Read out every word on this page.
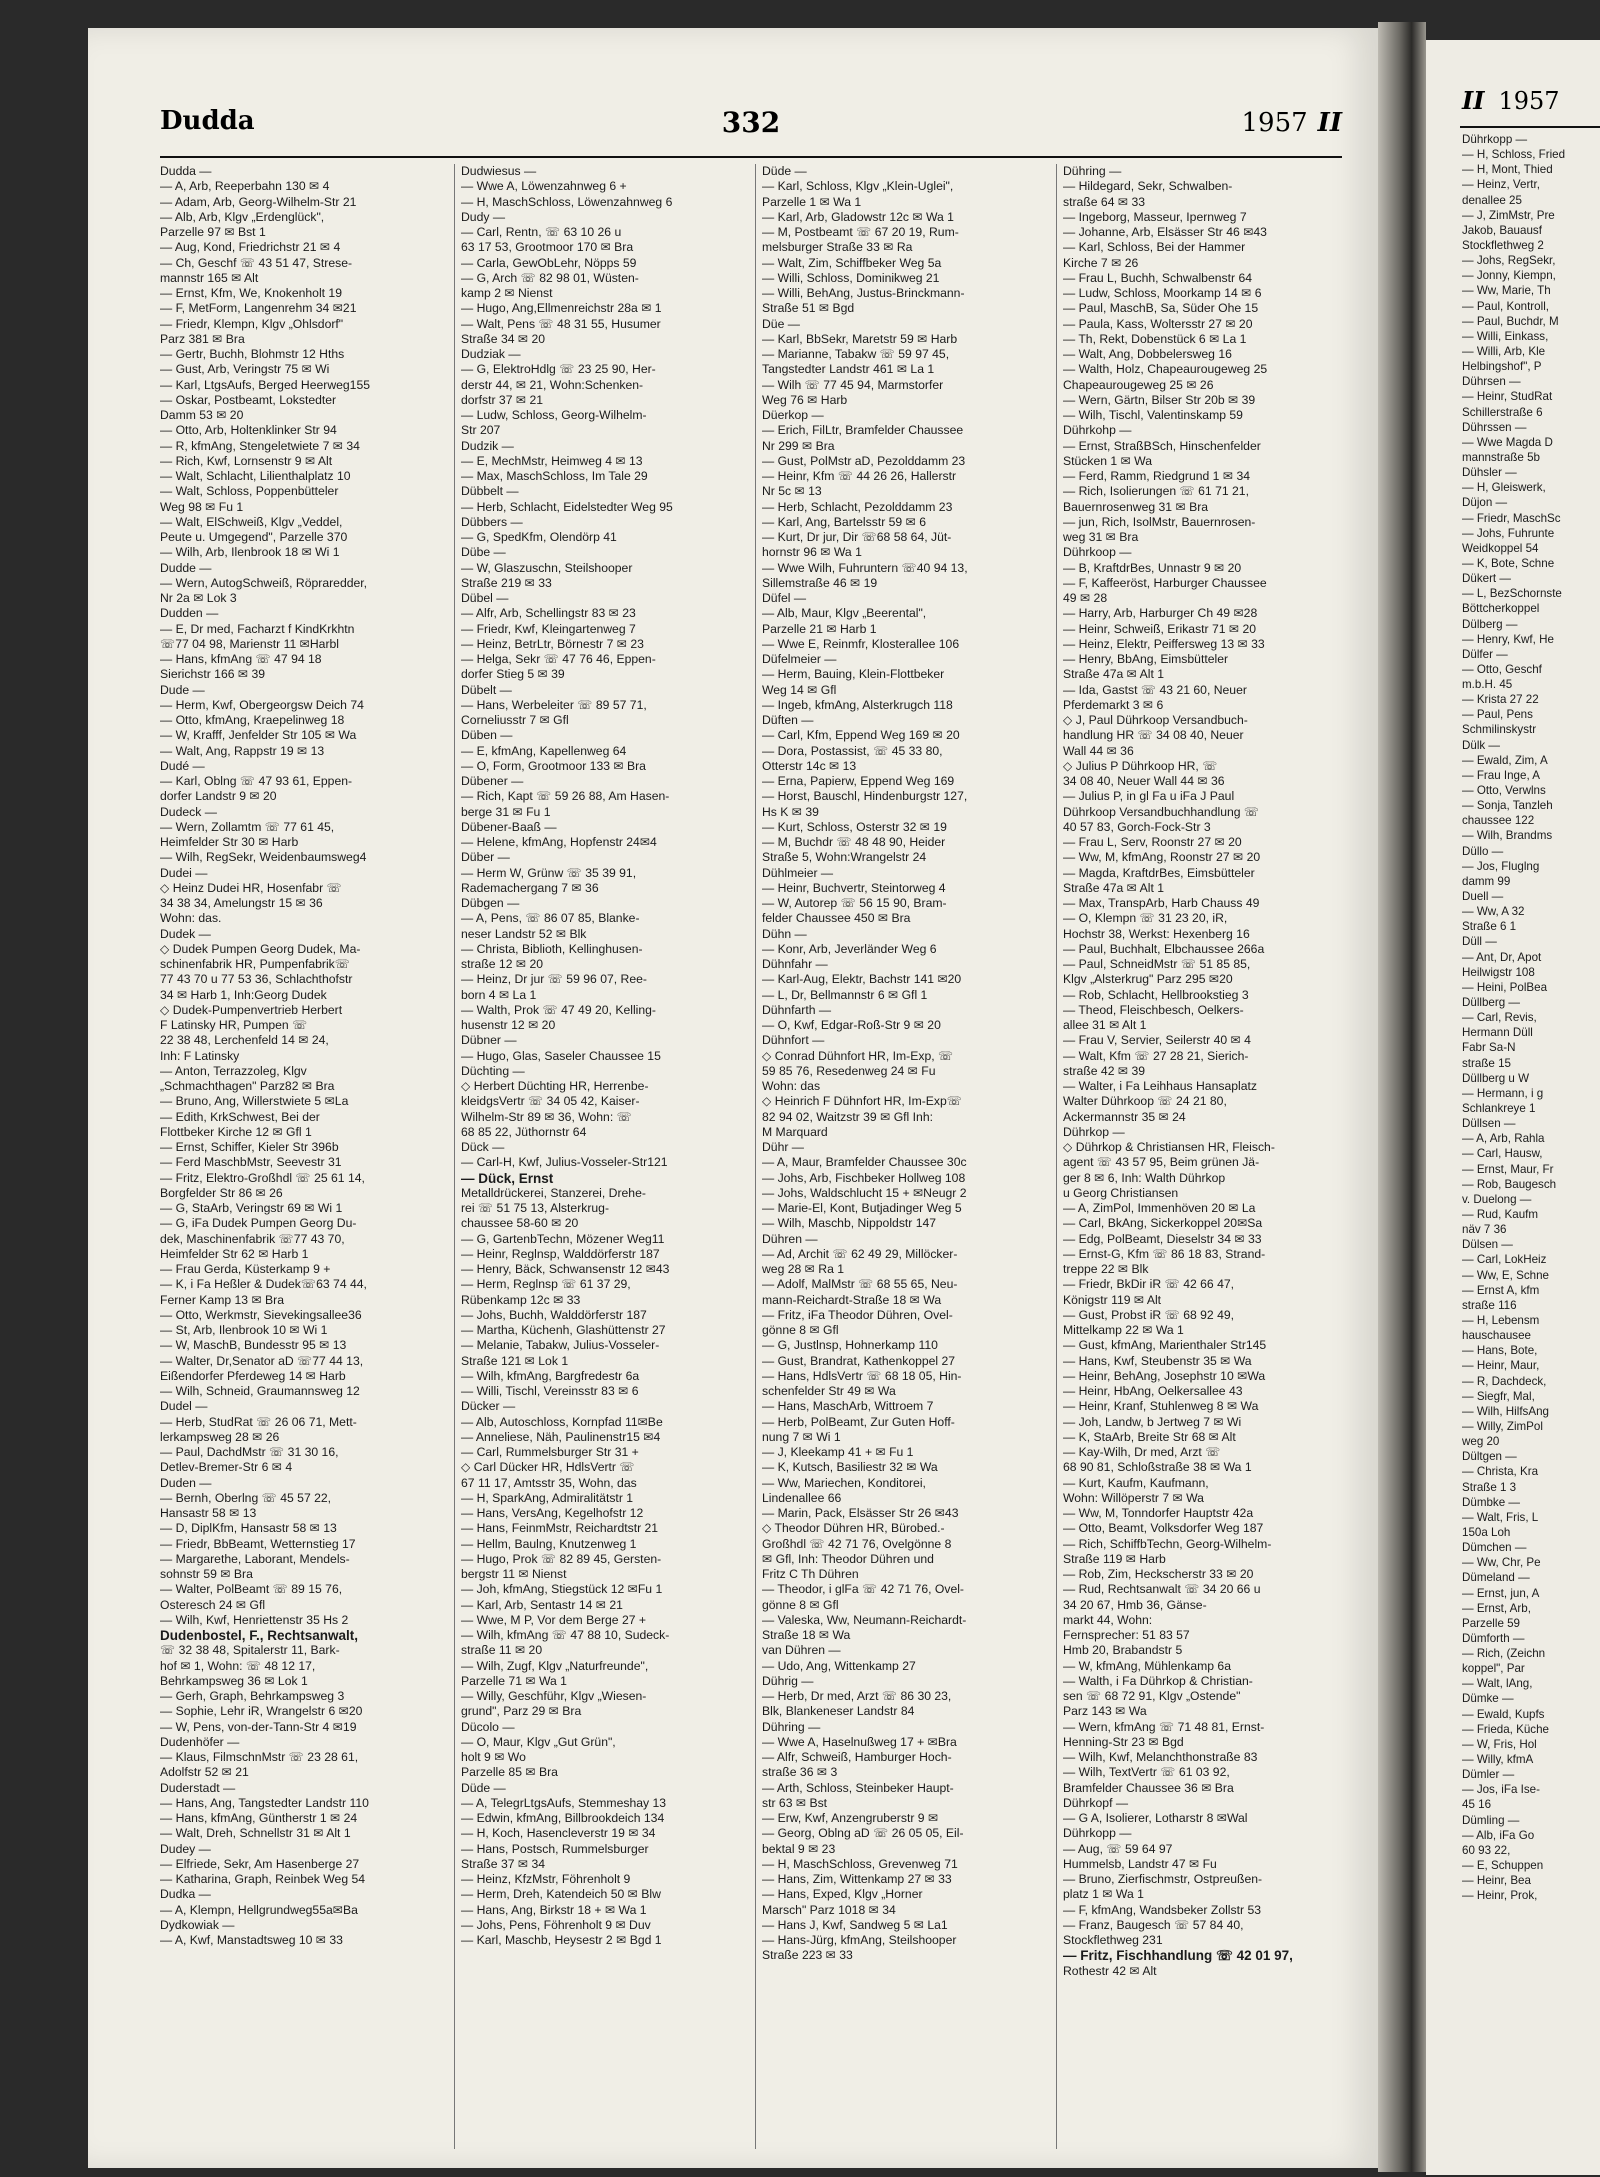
Dudda	332	1957 II
Dudda —
— A, Arb, Reeperbahn 130 ✉ 4
— Adam, Arb, Georg-Wilhelm-Str 21
— Alb, Arb, Klgv „Erdenglück",
Parzelle 97 ✉ Bst 1
— Aug, Kond, Friedrichstr 21 ✉ 4
— Ch, Geschf ☏ 43 51 47, Strese-
mannstr 165 ✉ Alt
— Ernst, Kfm, We, Knokenholt 19
— F, MetForm, Langenrehm 34 ✉21
— Friedr, Klempn, Klgv „Ohlsdorf"
Parz 381 ✉ Bra
— Gertr, Buchh, Blohmstr 12 Hths
— Gust, Arb, Veringstr 75 ✉ Wi
— Karl, LtgsAufs, Berged Heerweg155
— Oskar, Postbeamt, Lokstedter
Damm 53 ✉ 20
— Otto, Arb, Holtenklinker Str 94
— R, kfmAng, Stengeletwiete 7 ✉ 34
— Rich, Kwf, Lornsenstr 9 ✉ Alt
— Walt, Schlacht, Lilienthalplatz 10
— Walt, Schloss, Poppenbütteler
Weg 98 ✉ Fu 1
— Walt, ElSchweiß, Klgv „Veddel,
Peute u. Umgegend", Parzelle 370
— Wilh, Arb, Ilenbrook 18 ✉ Wi 1
Dudde —
— Wern, AutogSchweiß, Röpraredder,
Nr 2a ✉ Lok 3
Dudden —
— E, Dr med, Facharzt f KindKrkhtn
☏77 04 98, Marienstr 11 ✉Harbl
— Hans, kfmAng ☏ 47 94 18
Sierichstr 166 ✉ 39
Dude —
— Herm, Kwf, Obergeorgsw Deich 74
— Otto, kfmAng, Kraepelinweg 18
— W, Krafff, Jenfelder Str 105 ✉ Wa
— Walt, Ang, Rappstr 19 ✉ 13
Dudé —
— Karl, Oblng ☏ 47 93 61, Eppen-
dorfer Landstr 9 ✉ 20
Dudeck —
— Wern, Zollamtm ☏ 77 61 45,
Heimfelder Str 30 ✉ Harb
— Wilh, RegSekr, Weidenbaumsweg4
Dudei —
◇ Heinz Dudei HR, Hosenfabr ☏
34 38 34, Amelungstr 15 ✉ 36
Wohn: das.
Dudek —
◇ Dudek Pumpen Georg Dudek, Ma-
schinenfabrik HR, Pumpenfabrik☏
77 43 70 u 77 53 36, Schlachthofstr
34 ✉ Harb 1, Inh:Georg Dudek
◇ Dudek-Pumpenvertrieb Herbert
F Latinsky HR, Pumpen ☏
22 38 48, Lerchenfeld 14 ✉ 24,
Inh: F Latinsky
— Anton, Terrazzoleg, Klgv
„Schmachthagen" Parz82 ✉ Bra
— Bruno, Ang, Willerstwiete 5 ✉La
— Edith, KrkSchwest, Bei der
Flottbeker Kirche 12 ✉ Gfl 1
— Ernst, Schiffer, Kieler Str 396b
— Ferd MaschbMstr, Seevestr 31
— Fritz, Elektro-Großhdl ☏ 25 61 14,
Borgfelder Str 86 ✉ 26
— G, StaArb, Veringstr 69 ✉ Wi 1
— G, iFa Dudek Pumpen Georg Du-
dek, Maschinenfabrik ☏77 43 70,
Heimfelder Str 62 ✉ Harb 1
— Frau Gerda, Küsterkamp 9 +
— K, i Fa Heßler & Dudek☏63 74 44,
Ferner Kamp 13 ✉ Bra
— Otto, Werkmstr, Sievekingsallee36
— St, Arb, Ilenbrook 10 ✉ Wi 1
— W, MaschB, Bundesstr 95 ✉ 13
— Walter, Dr,Senator aD ☏77 44 13,
Eißendorfer Pferdeweg 14 ✉ Harb
— Wilh, Schneid, Graumannsweg 12
Dudel —
— Herb, StudRat ☏ 26 06 71, Mett-
lerkampsweg 28 ✉ 26
— Paul, DachdMstr ☏ 31 30 16,
Detlev-Bremer-Str 6 ✉ 4
Duden —
— Bernh, Oberlng ☏ 45 57 22,
Hansastr 58 ✉ 13
— D, DiplKfm, Hansastr 58 ✉ 13
— Friedr, BbBeamt, Wetternstieg 17
— Margarethe, Laborant, Mendels-
sohnstr 59 ✉ Bra
— Walter, PolBeamt ☏ 89 15 76,
Osteresch 24 ✉ Gfl
— Wilh, Kwf, Henriettenstr 35 Hs 2
Dudenbostel, F., Rechtsanwalt,
☏ 32 38 48, Spitalerstr 11, Bark-
hof ✉ 1, Wohn: ☏ 48 12 17,
Behrkampsweg 36 ✉ Lok 1
— Gerh, Graph, Behrkampsweg 3
— Sophie, Lehr iR, Wrangelstr 6 ✉20
— W, Pens, von-der-Tann-Str 4 ✉19
Dudenhöfer —
— Klaus, FilmschnMstr ☏ 23 28 61,
Adolfstr 52 ✉ 21
Duderstadt —
— Hans, Ang, Tangstedter Landstr 110
— Hans, kfmAng, Güntherstr 1 ✉ 24
— Walt, Dreh, Schnellstr 31 ✉ Alt 1
Dudey —
— Elfriede, Sekr, Am Hasenberge 27
— Katharina, Graph, Reinbek Weg 54
Dudka —
— A, Klempn, Hellgrundweg55a✉Ba
Dydkowiak —
— A, Kwf, Manstadtsweg 10 ✉ 33
Dudwiesus —
— Wwe A, Löwenzahnweg 6 +
— H, MaschSchloss, Löwenzahnweg 6
Dudy —
— Carl, Rentn, ☏ 63 10 26 u
63 17 53, Grootmoor 170 ✉ Bra
— Carla, GewObLehr, Nöpps 59
— G, Arch ☏ 82 98 01, Wüsten-
kamp 2 ✉ Nienst
— Hugo, Ang,Ellmenreichstr 28a ✉ 1
— Walt, Pens ☏ 48 31 55, Husumer
Straße 34 ✉ 20
Dudziak —
— G, ElektroHdlg ☏ 23 25 90, Her-
derstr 44, ✉ 21, Wohn:Schenken-
dorfstr 37 ✉ 21
— Ludw, Schloss, Georg-Wilhelm-
Str 207
Dudzik —
— E, MechMstr, Heimweg 4 ✉ 13
— Max, MaschSchloss, Im Tale 29
Dübbelt —
— Herb, Schlacht, Eidelstedter Weg 95
Dübbers —
— G, SpedKfm, Olendörp 41
Dübe —
— W, Glaszuschn, Steilshooper
Straße 219 ✉ 33
Dübel —
— Alfr, Arb, Schellingstr 83 ✉ 23
— Friedr, Kwf, Kleingartenweg 7
— Heinz, BetrLtr, Börnestr 7 ✉ 23
— Helga, Sekr ☏ 47 76 46, Eppen-
dorfer Stieg 5 ✉ 39
Dübelt —
— Hans, Werbeleiter ☏ 89 57 71,
Corneliusstr 7 ✉ Gfl
Düben —
— E, kfmAng, Kapellenweg 64
— O, Form, Grootmoor 133 ✉ Bra
Dübener —
— Rich, Kapt ☏ 59 26 88, Am Hasen-
berge 31 ✉ Fu 1
Dübener-Baaß —
— Helene, kfmAng, Hopfenstr 24✉4
Düber —
— Herm W, Grünw ☏ 35 39 91,
Rademachergang 7 ✉ 36
Dübgen —
— A, Pens, ☏ 86 07 85, Blanke-
neser Landstr 52 ✉ Blk
— Christa, Biblioth, Kellinghusen-
straße 12 ✉ 20
— Heinz, Dr jur ☏ 59 96 07, Ree-
born 4 ✉ La 1
— Walth, Prok ☏ 47 49 20, Kelling-
husenstr 12 ✉ 20
Dübner —
— Hugo, Glas, Saseler Chaussee 15
Düchting —
◇ Herbert Düchting HR, Herrenbe-
kleidgsVertr ☏ 34 05 42, Kaiser-
Wilhelm-Str 89 ✉ 36, Wohn: ☏
68 85 22, Jüthornstr 64
Dück —
— Carl-H, Kwf, Julius-Vosseler-Str121
— Dück, Ernst
Metalldrückerei, Stanzerei, Drehe-
rei ☏ 51 75 13, Alsterkrug-
chaussee 58-60 ✉ 20
— G, GartenbTechn, Mözener Weg11
— Heinr, Reglnsp, Walddörferstr 187
— Henry, Bäck, Schwansenstr 12 ✉43
— Herm, Reglnsp ☏ 61 37 29,
Rübenkamp 12c ✉ 33
— Johs, Buchh, Walddörferstr 187
— Martha, Küchenh, Glashüttenstr 27
— Melanie, Tabakw, Julius-Vosseler-
Straße 121 ✉ Lok 1
— Wilh, kfmAng, Bargfredestr 6a
— Willi, Tischl, Vereinsstr 83 ✉ 6
Dücker —
— Alb, Autoschloss, Kornpfad 11✉Be
— Anneliese, Näh, Paulinenstr15 ✉4
— Carl, Rummelsburger Str 31 +
◇ Carl Dücker HR, HdlsVertr ☏
67 11 17, Amtsstr 35, Wohn, das
— H, SparkAng, Admiralitätstr 1
— Hans, VersAng, Kegelhofstr 12
— Hans, FeinmMstr, Reichardtstr 21
— Hellm, Baulng, Knutzenweg 1
— Hugo, Prok ☏ 82 89 45, Gersten-
bergstr 11 ✉ Nienst
— Joh, kfmAng, Stiegstück 12 ✉Fu 1
— Karl, Arb, Sentastr 14 ✉ 21
— Wwe, M P, Vor dem Berge 27 +
— Wilh, kfmAng ☏ 47 88 10, Sudeck-
straße 11 ✉ 20
— Wilh, Zugf, Klgv „Naturfreunde",
Parzelle 71 ✉ Wa 1
— Willy, Geschführ, Klgv „Wiesen-
grund", Parz 29 ✉ Bra
Dücolo —
— O, Maur, Klgv „Gut Grün",
holt 9 ✉ Wo
Parzelle 85 ✉ Bra
Düde —
— A, TelegrLtgsAufs, Stemmeshay 13
— Edwin, kfmAng, Billbrookdeich 134
— H, Koch, Hasencleverstr 19 ✉ 34
— Hans, Postsch, Rummelsburger
Straße 37 ✉ 34
— Heinz, KfzMstr, Föhrenholt 9
— Herm, Dreh, Katendeich 50 ✉ Blw
— Hans, Ang, Birkstr 18 + ✉ Wa 1
— Johs, Pens, Föhrenholt 9 ✉ Duv
— Karl, Maschb, Heysestr 2 ✉ Bgd 1
Düde —
— Karl, Schloss, Klgv „Klein-Uglei",
Parzelle 1 ✉ Wa 1
— Karl, Arb, Gladowstr 12c ✉ Wa 1
— M, Postbeamt ☏ 67 20 19, Rum-
melsburger Straße 33 ✉ Ra
— Walt, Zim, Schiffbeker Weg 5a
— Willi, Schloss, Dominikweg 21
— Willi, BehAng, Justus-Brinckmann-
Straße 51 ✉ Bgd
Düe —
— Karl, BbSekr, Maretstr 59 ✉ Harb
— Marianne, Tabakw ☏ 59 97 45,
Tangstedter Landstr 461 ✉ La 1
— Wilh ☏ 77 45 94, Marmstorfer
Weg 76 ✉ Harb
Düerkop —
— Erich, FilLtr, Bramfelder Chaussee
Nr 299 ✉ Bra
— Gust, PolMstr aD, Pezolddamm 23
— Heinr, Kfm ☏ 44 26 26, Hallerstr
Nr 5c ✉ 13
— Herb, Schlacht, Pezolddamm 23
— Karl, Ang, Bartelsstr 59 ✉ 6
— Kurt, Dr jur, Dir ☏68 58 64, Jüt-
hornstr 96 ✉ Wa 1
— Wwe Wilh, Fuhruntern ☏40 94 13,
Sillemstraße 46 ✉ 19
Düfel —
— Alb, Maur, Klgv „Beerental",
Parzelle 21 ✉ Harb 1
— Wwe E, Reinmfr, Klosterallee 106
Düfelmeier —
— Herm, Bauing, Klein-Flottbeker
Weg 14 ✉ Gfl
— Ingeb, kfmAng, Alsterkrugch 118
Düften —
— Carl, Kfm, Eppend Weg 169 ✉ 20
— Dora, Postassist, ☏ 45 33 80,
Otterstr 14c ✉ 13
— Erna, Papierw, Eppend Weg 169
— Horst, Bauschl, Hindenburgstr 127,
Hs K ✉ 39
— Kurt, Schloss, Osterstr 32 ✉ 19
— M, Buchdr ☏ 48 48 90, Heider
Straße 5, Wohn:Wrangelstr 24
Dühlmeier —
— Heinr, Buchvertr, Steintorweg 4
— W, Autorep ☏ 56 15 90, Bram-
felder Chaussee 450 ✉ Bra
Dühn —
— Konr, Arb, Jeverländer Weg 6
Dühnfahr —
— Karl-Aug, Elektr, Bachstr 141 ✉20
— L, Dr, Bellmannstr 6 ✉ Gfl 1
Dühnfarth —
— O, Kwf, Edgar-Roß-Str 9 ✉ 20
Dühnfort —
◇ Conrad Dühnfort HR, Im-Exp, ☏
59 85 76, Resedenweg 24 ✉ Fu
Wohn: das
◇ Heinrich F Dühnfort HR, Im-Exp☏
82 94 02, Waitzstr 39 ✉ Gfl Inh:
M Marquard
Dühr —
— A, Maur, Bramfelder Chaussee 30c
— Johs, Arb, Fischbeker Hollweg 108
— Johs, Waldschlucht 15 + ✉Neugr 2
— Marie-El, Kont, Butjadinger Weg 5
— Wilh, Maschb, Nippoldstr 147
Dühren —
— Ad, Archit ☏ 62 49 29, Millöcker-
weg 28 ✉ Ra 1
— Adolf, MalMstr ☏ 68 55 65, Neu-
mann-Reichardt-Straße 18 ✉ Wa
— Fritz, iFa Theodor Dühren, Ovel-
gönne 8 ✉ Gfl
— G, Justlnsp, Hohnerkamp 110
— Gust, Brandrat, Kathenkoppel 27
— Hans, HdlsVertr ☏ 68 18 05, Hin-
schenfelder Str 49 ✉ Wa
— Hans, MaschArb, Wittroem 7
— Herb, PolBeamt, Zur Guten Hoff-
nung 7 ✉ Wi 1
— J, Kleekamp 41 + ✉ Fu 1
— K, Kutsch, Basiliestr 32 ✉ Wa
— Ww, Mariechen, Konditorei,
Lindenallee 66
— Marin, Pack, Elsässer Str 26 ✉43
◇ Theodor Dühren HR, Bürobed.-
Großhdl ☏ 42 71 76, Ovelgönne 8
✉ Gfl, Inh: Theodor Dühren und
Fritz C Th Dühren
— Theodor, i glFa ☏ 42 71 76, Ovel-
gönne 8 ✉ Gfl
— Valeska, Ww, Neumann-Reichardt-
Straße 18 ✉ Wa
van Dühren —
— Udo, Ang, Wittenkamp 27
Dührig —
— Herb, Dr med, Arzt ☏ 86 30 23,
Blk, Blankeneser Landstr 84
Dühring —
— Wwe A, Haselnußweg 17 + ✉Bra
— Alfr, Schweiß, Hamburger Hoch-
straße 36 ✉ 3
— Arth, Schloss, Steinbeker Haupt-
str 63 ✉ Bst
— Erw, Kwf, Anzengruberstr 9 ✉
— Georg, Oblng aD ☏ 26 05 05, Eil-
bektal 9 ✉ 23
— H, MaschSchloss, Grevenweg 71
— Hans, Zim, Wittenkamp 27 ✉ 33
— Hans, Exped, Klgv „Horner
Marsch" Parz 1018 ✉ 34
— Hans J, Kwf, Sandweg 5 ✉ La1
— Hans-Jürg, kfmAng, Steilshooper
Straße 223 ✉ 33
Dühring —
— Hildegard, Sekr, Schwalben-
straße 64 ✉ 33
— Ingeborg, Masseur, Ipernweg 7
— Johanne, Arb, Elsässer Str 46 ✉43
— Karl, Schloss, Bei der Hammer
Kirche 7 ✉ 26
— Frau L, Buchh, Schwalbenstr 64
— Ludw, Schloss, Moorkamp 14 ✉ 6
— Paul, MaschB, Sa, Süder Ohe 15
— Paula, Kass, Woltersstr 27 ✉ 20
— Th, Rekt, Dobenstück 6 ✉ La 1
— Walt, Ang, Dobbelersweg 16
— Walth, Holz, Chapeaurougeweg 25
Chapeaurougeweg 25 ✉ 26
— Wern, Gärtn, Bilser Str 20b ✉ 39
— Wilh, Tischl, Valentinskamp 59
Dührkohp —
— Ernst, StraßBSch, Hinschenfelder
Stücken 1 ✉ Wa
— Ferd, Ramm, Riedgrund 1 ✉ 34
— Rich, Isolierungen ☏ 61 71 21,
Bauernrosenweg 31 ✉ Bra
— jun, Rich, IsolMstr, Bauernrosen-
weg 31 ✉ Bra
Dührkoop —
— B, KraftdrBes, Unnastr 9 ✉ 20
— F, Kaffeeröst, Harburger Chaussee
49 ✉ 28
— Harry, Arb, Harburger Ch 49 ✉28
— Heinr, Schweiß, Erikastr 71 ✉ 20
— Heinz, Elektr, Peiffersweg 13 ✉ 33
— Henry, BbAng, Eimsbütteler
Straße 47a ✉ Alt 1
— Ida, Gastst ☏ 43 21 60, Neuer
Pferdemarkt 3 ✉ 6
◇ J, Paul Dührkoop Versandbuch-
handlung HR ☏ 34 08 40, Neuer
Wall 44 ✉ 36
◇ Julius P Dührkoop HR, ☏
34 08 40, Neuer Wall 44 ✉ 36
— Julius P, in gl Fa u iFa J Paul
Dührkoop Versandbuchhandlung ☏
40 57 83, Gorch-Fock-Str 3
— Frau L, Serv, Roonstr 27 ✉ 20
— Ww, M, kfmAng, Roonstr 27 ✉ 20
— Magda, KraftdrBes, Eimsbütteler
Straße 47a ✉ Alt 1
— Max, TranspArb, Harb Chauss 49
— O, Klempn ☏ 31 23 20, iR,
Hochstr 38, Werkst: Hexenberg 16
— Paul, Buchhalt, Elbchaussee 266a
— Paul, SchneidMstr ☏ 51 85 85,
Klgv „Alsterkrug" Parz 295 ✉20
— Rob, Schlacht, Hellbrookstieg 3
— Theod, Fleischbesch, Oelkers-
allee 31 ✉ Alt 1
— Frau V, Servier, Seilerstr 40 ✉ 4
— Walt, Kfm ☏ 27 28 21, Sierich-
straße 42 ✉ 39
— Walter, i Fa Leihhaus Hansaplatz
Walter Dührkoop ☏ 24 21 80,
Ackermannstr 35 ✉ 24
Dührkop —
◇ Dührkop & Christiansen HR, Fleisch-
agent ☏ 43 57 95, Beim grünen Jä-
ger 8 ✉ 6, Inh: Walth Dührkop
u Georg Christiansen
— A, ZimPol, Immenhöven 20 ✉ La
— Carl, BkAng, Sickerkoppel 20✉Sa
— Edg, PolBeamt, Dieselstr 34 ✉ 33
— Ernst-G, Kfm ☏ 86 18 83, Strand-
treppe 22 ✉ Blk
— Friedr, BkDir iR ☏ 42 66 47,
Königstr 119 ✉ Alt
— Gust, Probst iR ☏ 68 92 49,
Mittelkamp 22 ✉ Wa 1
— Gust, kfmAng, Marienthaler Str145
— Hans, Kwf, Steubenstr 35 ✉ Wa
— Heinr, BehAng, Josephstr 10 ✉Wa
— Heinr, HbAng, Oelkersallee 43
— Heinr, Kranf, Stuhlenweg 8 ✉ Wa
— Joh, Landw, b Jertweg 7 ✉ Wi
— K, StaArb, Breite Str 68 ✉ Alt
— Kay-Wilh, Dr med, Arzt ☏
68 90 81, Schloßstraße 38 ✉ Wa 1
— Kurt, Kaufm, Kaufmann,
Wohn: Willöperstr 7 ✉ Wa
— Ww, M, Tonndorfer Hauptstr 42a
— Otto, Beamt, Volksdorfer Weg 187
— Rich, SchiffbTechn, Georg-Wilhelm-
Straße 119 ✉ Harb
— Rob, Zim, Heckscherstr 33 ✉ 20
— Rud, Rechtsanwalt ☏ 34 20 66 u
34 20 67, Hmb 36, Gänse-
markt 44, Wohn:
Fernsprecher: 51 83 57
Hmb 20, Brabandstr 5
— W, kfmAng, Mühlenkamp 6a
— Walth, i Fa Dührkop & Christian-
sen ☏ 68 72 91, Klgv „Ostende"
Parz 143 ✉ Wa
— Wern, kfmAng ☏ 71 48 81, Ernst-
Henning-Str 23 ✉ Bgd
— Wilh, Kwf, Melanchthonstraße 83
— Wilh, TextVertr ☏ 61 03 92,
Bramfelder Chaussee 36 ✉ Bra
Dührkopf —
— G A, Isolierer, Lotharstr 8 ✉Wal
Dührkopp —
— Aug, ☏ 59 64 97
Hummelsb, Landstr 47 ✉ Fu
— Bruno, Zierfischmstr, Ostpreußen-
platz 1 ✉ Wa 1
— F, kfmAng, Wandsbeker Zollstr 53
— Franz, Baugesch ☏ 57 84 40,
Stockflethweg 231
— Fritz, Fischhandlung ☏ 42 01 97,
Rothestr 42 ✉ Alt
II 1957
Dührkopp —
— H, Schloss, Fried
— H, Mont, Thied
— Heinz, Vertr,
denallee 25
— J, ZimMstr, Pre
Jakob, Bauausf
Stockflethweg 2
— Johs, RegSekr,
— Jonny, Kiempn,
— Ww, Marie, Th
— Paul, Kontroll,
— Paul, Buchdr, M
— Willi, Einkass,
— Willi, Arb, Kle
Helbingshof", P
Dührsen —
— Heinr, StudRat
Schillerstraße 6
Dührssen —
— Wwe Magda D
mannstraße 5b
Dühsler —
— H, Gleiswerk,
Düjon —
— Friedr, MaschSc
— Johs, Fuhrunte
Weidkoppel 54
— K, Bote, Schne
Dükert —
— L, BezSchornste
Böttcherkoppel
Dülberg —
— Henry, Kwf, He
Dülfer —
— Otto, Geschf
m.b.H. 45
— Krista 27 22
— Paul, Pens
Schmilinskystr
Dülk —
— Ewald, Zim, A
— Frau Inge, A
— Otto, Verwlns
— Sonja, Tanzleh
chaussee 122
— Wilh, Brandms
Düllo —
— Jos, Fluglng
damm 99
Duell —
— Ww, A 32
Straße 6 1
Düll —
— Ant, Dr, Apot
Heilwigstr 108
— Heini, PolBea
Düllberg —
— Carl, Revis,
Hermann Düll
Fabr Sa-N
straße 15
Düllberg u W
— Hermann, i g
Schlankreye 1
Düllsen —
— A, Arb, Rahla
— Carl, Hausw,
— Ernst, Maur, Fr
— Rob, Baugesch
v. Duelong —
— Rud, Kaufm
näv 7 36
Dülsen —
— Carl, LokHeiz
— Ww, E, Schne
— Ernst A, kfm
straße 116
— H, Lebensm
hauschausee
— Hans, Bote,
— Heinr, Maur,
— R, Dachdeck,
— Siegfr, Mal,
— Wilh, HilfsAng
— Willy, ZimPol
weg 20
Dültgen —
— Christa, Kra
Straße 1 3
Dümbke —
— Walt, Fris, L
150a Loh
Dümchen —
— Ww, Chr, Pe
Dümeland —
— Ernst, jun, A
— Ernst, Arb,
Parzelle 59
Dümforth —
— Rich, (Zeichn
koppel", Par
— Walt, lAng,
Dümke —
— Ewald, Kupfs
— Frieda, Küche
— W, Fris, Hol
— Willy, kfmA
Dümler —
— Jos, iFa Ise-
45 16
Dümling —
— Alb, iFa Go
60 93 22,
— E, Schuppen
— Heinr, Bea
— Heinr, Prok,
